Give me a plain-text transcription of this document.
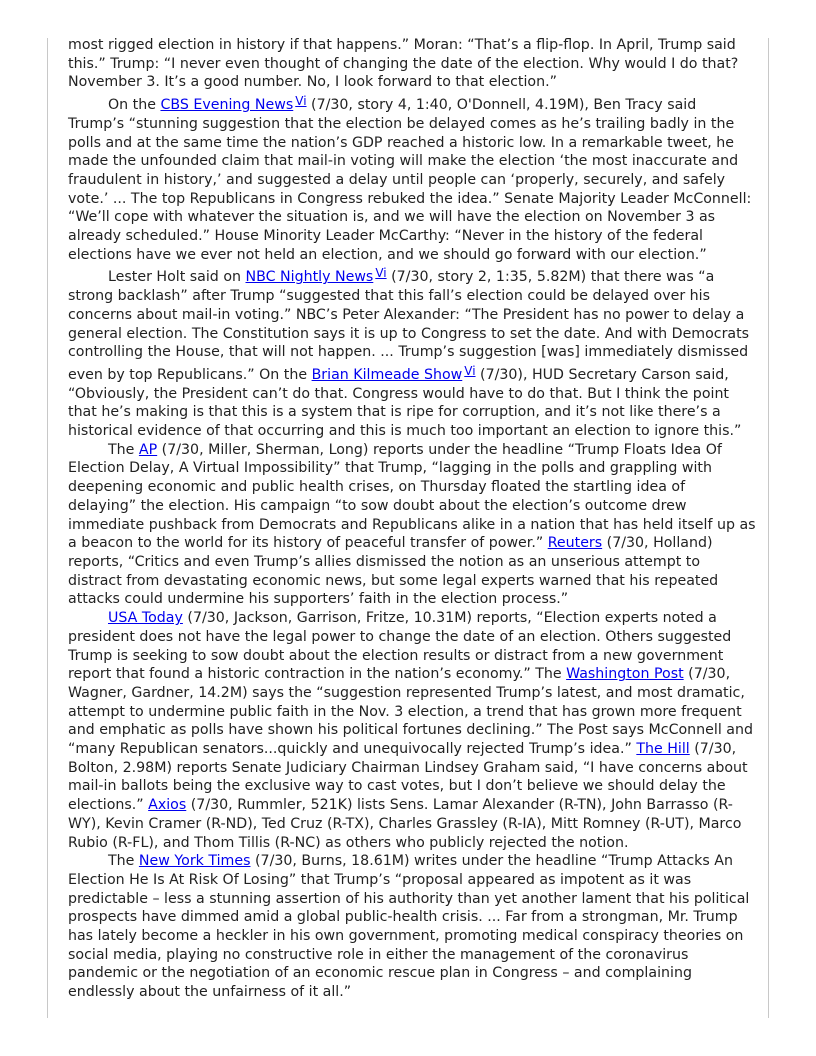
most rigged election in history if that happens.” Moran: “That’s a flip-flop. In April, Trump said this.” Trump: “I never even thought of changing the date of the election. Why would I do that? November 3. It’s a good number. No, I look forward to that election.”

On the CBS Evening News $^{Vi}$ (7/30, story 4, 1:40, O'Donnell, 4.19M), Ben Tracy said Trump’s “stunning suggestion that the election be delayed comes as he’s trailing badly in the polls and at the same time the nation’s GDP reached a historic low. In a remarkable tweet, he made the unfounded claim that mail-in voting will make the election ‘the most inaccurate and fraudulent in history,’ and suggested a delay until people can ‘properly, securely, and safely vote.’ ... The top Republicans in Congress rebuked the idea.” Senate Majority Leader McConnell: “We’ll cope with whatever the situation is, and we will have the election on November 3 as already scheduled.” House Minority Leader McCarthy: “Never in the history of the federal elections have we ever not held an election, and we should go forward with our election.”

Lester Holt said on NBC Nightly News $^{Vi}$ (7/30, story 2, 1:35, 5.82M) that there was “a strong backlash” after Trump “suggested that this fall’s election could be delayed over his concerns about mail-in voting.” NBC’s Peter Alexander: “The President has no power to delay a general election. The Constitution says it is up to Congress to set the date. And with Democrats controlling the House, that will not happen. ... Trump’s suggestion [was] immediately dismissed even by top Republicans.” On the Brian Kilmeade Show $^{Vi}$ (7/30), HUD Secretary Carson said, “Obviously, the President can’t do that. Congress would have to do that. But I think the point that he’s making is that this is a system that is ripe for corruption, and it’s not like there’s a historical evidence of that occurring and this is much too important an election to ignore this.”

The AP (7/30, Miller, Sherman, Long) reports under the headline “Trump Floats Idea Of Election Delay, A Virtual Impossibility” that Trump, “lagging in the polls and grappling with deepening economic and public health crises, on Thursday floated the startling idea of delaying” the election. His campaign “to sow doubt about the election’s outcome drew immediate pushback from Democrats and Republicans alike in a nation that has held itself up as a beacon to the world for its history of peaceful transfer of power.” Reuters (7/30, Holland) reports, “Critics and even Trump’s allies dismissed the notion as an unserious attempt to distract from devastating economic news, but some legal experts warned that his repeated attacks could undermine his supporters’ faith in the election process.”

USA Today (7/30, Jackson, Garrison, Fritze, 10.31M) reports, “Election experts noted a president does not have the legal power to change the date of an election. Others suggested Trump is seeking to sow doubt about the election results or distract from a new government report that found a historic contraction in the nation’s economy.” The Washington Post (7/30, Wagner, Gardner, 14.2M) says the “suggestion represented Trump’s latest, and most dramatic, attempt to undermine public faith in the Nov. 3 election, a trend that has grown more frequent and emphatic as polls have shown his political fortunes declining.” The Post says McConnell and “many Republican senators...quickly and unequivocally rejected Trump’s idea.” The Hill (7/30, Bolton, 2.98M) reports Senate Judiciary Chairman Lindsey Graham said, “I have concerns about mail-in ballots being the exclusive way to cast votes, but I don’t believe we should delay the elections.” Axios (7/30, Rummler, 521K) lists Sens. Lamar Alexander (R-TN), John Barrasso (R-WY), Kevin Cramer (R-ND), Ted Cruz (R-TX), Charles Grassley (R-IA), Mitt Romney (R-UT), Marco Rubio (R-FL), and Thom Tillis (R-NC) as others who publicly rejected the notion.

The New York Times (7/30, Burns, 18.61M) writes under the headline “Trump Attacks An Election He Is At Risk Of Losing” that Trump’s “proposal appeared as impotent as it was predictable – less a stunning assertion of his authority than yet another lament that his political prospects have dimmed amid a global public-health crisis. ... Far from a strongman, Mr. Trump has lately become a heckler in his own government, promoting medical conspiracy theories on social media, playing no constructive role in either the management of the coronavirus pandemic or the negotiation of an economic rescue plan in Congress – and complaining endlessly about the unfairness of it all.”
